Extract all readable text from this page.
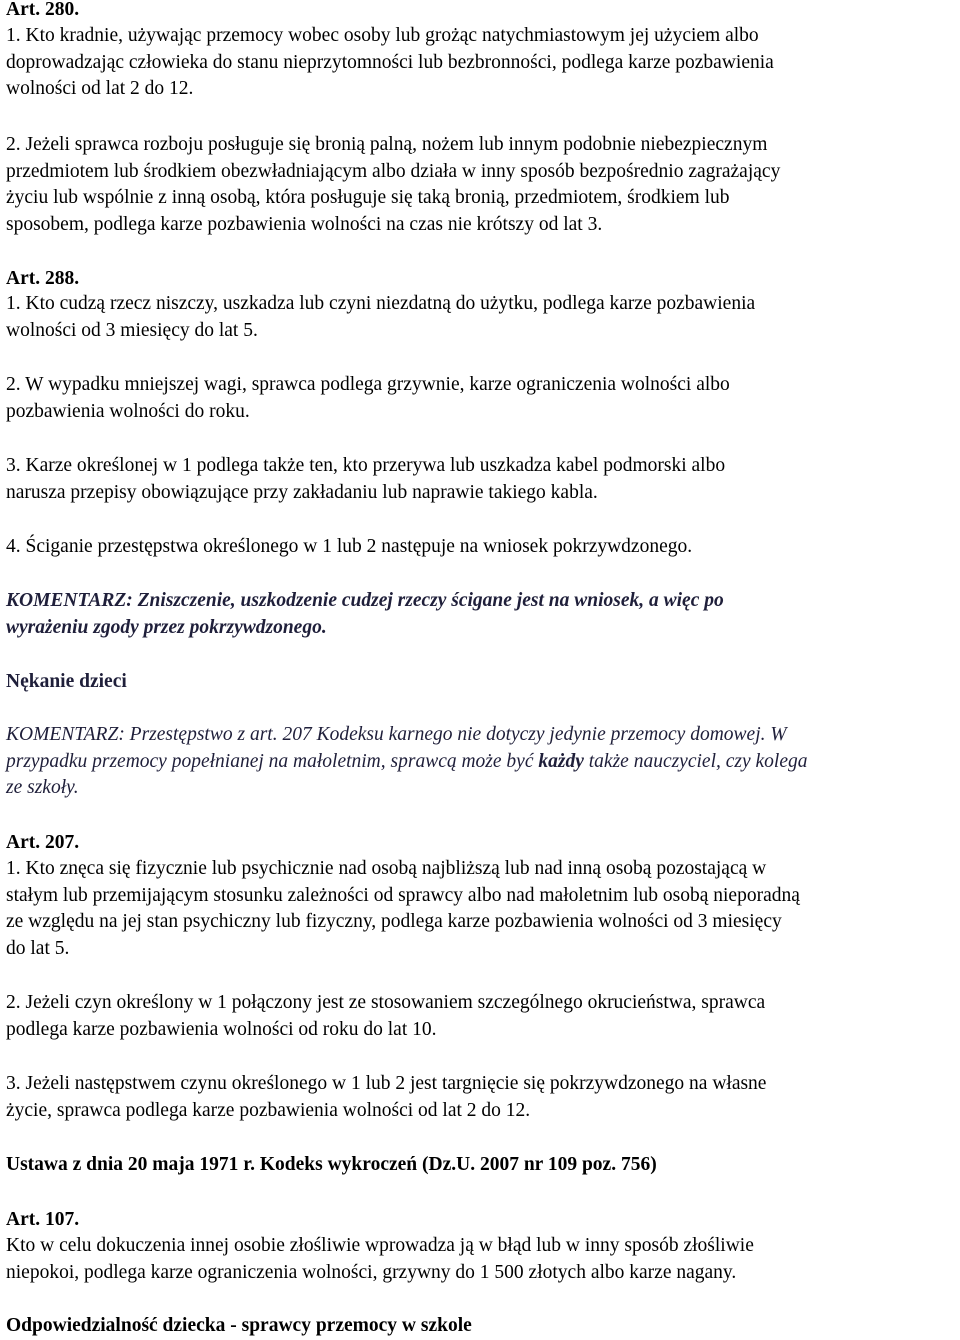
Art. 280.
1. Kto kradnie, używając przemocy wobec osoby lub grożąc natychmiastowym jej użyciem albo
doprowadzając człowieka do stanu nieprzytomności lub bezbronności, podlega karze pozbawienia
wolności od lat 2 do 12.
2. Jeżeli sprawca rozboju posługuje się bronią palną, nożem lub innym podobnie niebezpiecznym
przedmiotem lub środkiem obezwładniającym albo działa w inny sposób bezpośrednio zagrażający
życiu lub wspólnie z inną osobą, która posługuje się taką bronią, przedmiotem, środkiem lub
sposobem, podlega karze pozbawienia wolności na czas nie krótszy od lat 3.
Art. 288.
1. Kto cudzą rzecz niszczy, uszkadza lub czyni niezdatną do użytku, podlega karze pozbawienia
wolności od 3 miesięcy do lat 5.
2. W wypadku mniejszej wagi, sprawca podlega grzywnie, karze ograniczenia wolności albo
pozbawienia wolności do roku.
3. Karze określonej w 1 podlega także ten, kto przerywa lub uszkadza kabel podmorski albo
narusza przepisy obowiązujące przy zakładaniu lub naprawie takiego kabla.
4. Ściganie przestępstwa określonego w 1 lub 2 następuje na wniosek pokrzywdzonego.
KOMENTARZ: Zniszczenie, uszkodzenie cudzej rzeczy ścigane jest na wniosek, a więc po
wyrażeniu zgody przez pokrzywdzonego.
Nękanie dzieci
KOMENTARZ: Przestępstwo z art. 207 Kodeksu karnego nie dotyczy jedynie przemocy domowej. W
przypadku przemocy popełnianej na małoletnim, sprawcą może być każdy także nauczyciel, czy kolega
ze szkoły.
Art. 207.
1. Kto znęca się fizycznie lub psychicznie nad osobą najbliższą lub nad inną osobą pozostającą w
stałym lub przemijającym stosunku zależności od sprawcy albo nad małoletnim lub osobą nieporadną
ze względu na jej stan psychiczny lub fizyczny, podlega karze pozbawienia wolności od 3 miesięcy
do lat 5.
2. Jeżeli czyn określony w 1 połączony jest ze stosowaniem szczególnego okrucieństwa, sprawca
podlega karze pozbawienia wolności od roku do lat 10.
3. Jeżeli następstwem czynu określonego w 1 lub 2 jest targnięcie się pokrzywdzonego na własne
życie, sprawca podlega karze pozbawienia wolności od lat 2 do 12.
Ustawa z dnia 20 maja 1971 r. Kodeks wykroczeń (Dz.U. 2007 nr 109 poz. 756)
Art. 107.
Kto w celu dokuczenia innej osobie złośliwie wprowadza ją w błąd lub w inny sposób złośliwie
niepokoi, podlega karze ograniczenia wolności, grzywny do 1 500 złotych albo karze nagany.
Odpowiedzialność dziecka - sprawcy przemocy w szkole
